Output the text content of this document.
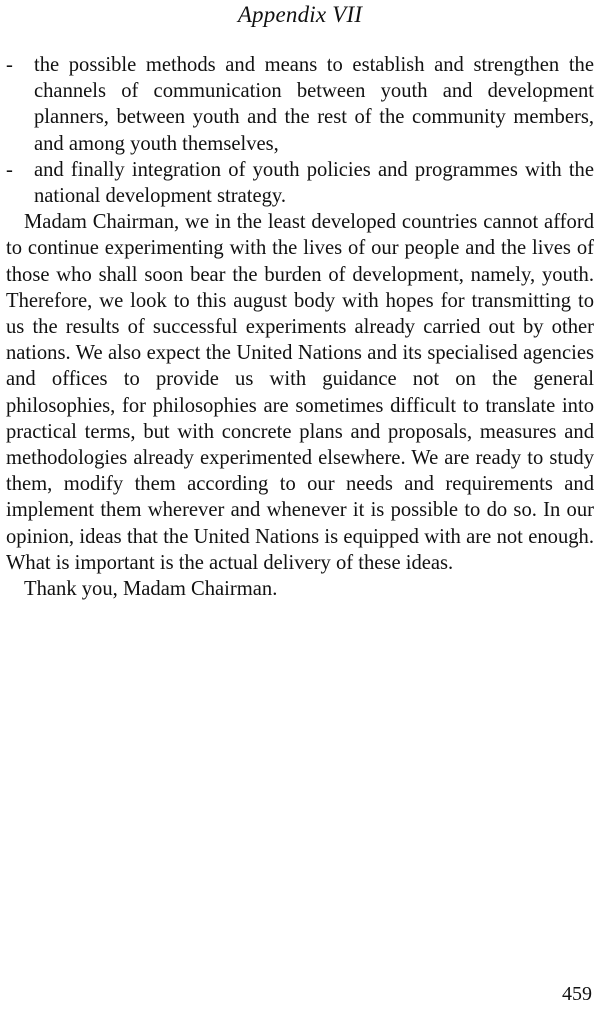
Appendix VII
-	the possible methods and means to establish and strengthen the channels of communication between youth and development planners, between youth and the rest of the community members, and among youth themselves,
-	and finally integration of youth policies and programmes with the national development strategy.

Madam Chairman, we in the least developed countries cannot afford to continue experimenting with the lives of our people and the lives of those who shall soon bear the burden of development, namely, youth. Therefore, we look to this august body with hopes for transmitting to us the results of successful experiments already carried out by other nations. We also expect the United Nations and its specialised agencies and offices to provide us with guidance not on the general philosophies, for philosophies are sometimes difficult to translate into practical terms, but with concrete plans and proposals, measures and methodologies already experimented elsewhere. We are ready to study them, modify them according to our needs and requirements and implement them wherever and whenever it is possible to do so. In our opinion, ideas that the United Nations is equipped with are not enough. What is important is the actual delivery of these ideas.

Thank you, Madam Chairman.

459
